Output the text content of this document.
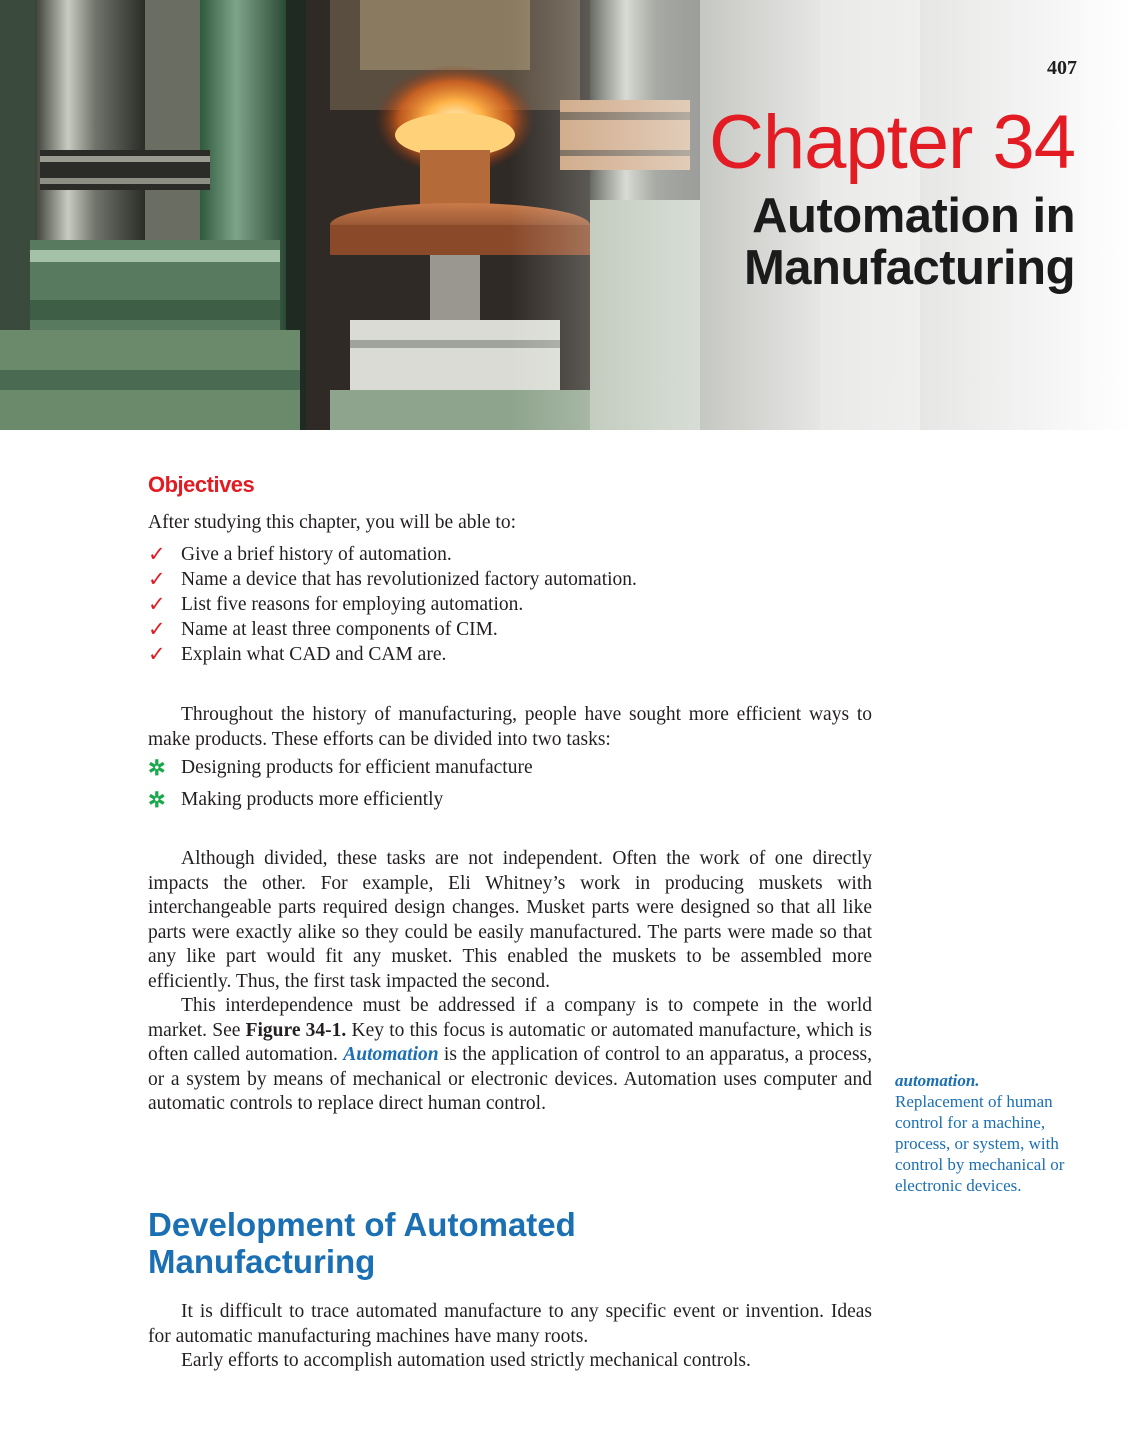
407
Chapter 34
Automation in Manufacturing
Objectives
After studying this chapter, you will be able to:
✓ Give a brief history of automation.
✓ Name a device that has revolutionized factory automation.
✓ List five reasons for employing automation.
✓ Name at least three components of CIM.
✓ Explain what CAD and CAM are.

Throughout the history of manufacturing, people have sought more efficient ways to make products. These efforts can be divided into two tasks:

✲ Designing products for efficient manufacture
✲ Making products more efficiently

Although divided, these tasks are not independent. Often the work of one directly impacts the other. For example, Eli Whitney’s work in producing muskets with interchangeable parts required design changes. Musket parts were designed so that all like parts were exactly alike so they could be easily manufactured. The parts were made so that any like part would fit any musket. This enabled the muskets to be assembled more efficiently. Thus, the first task impacted the second.

This interdependence must be addressed if a company is to compete in the world market. See Figure 34-1. Key to this focus is automatic or automated manufacture, which is often called automation. Automation is the application of control to an apparatus, a process, or a system by means of mechanical or electronic devices. Automation uses computer and automatic controls to replace direct human control.

automation.
Replacement of human control for a machine, process, or system, with control by mechanical or electronic devices.
Development of Automated Manufacturing

It is difficult to trace automated manufacture to any specific event or invention. Ideas for automatic manufacturing machines have many roots.

Early efforts to accomplish automation used strictly mechanical controls.
